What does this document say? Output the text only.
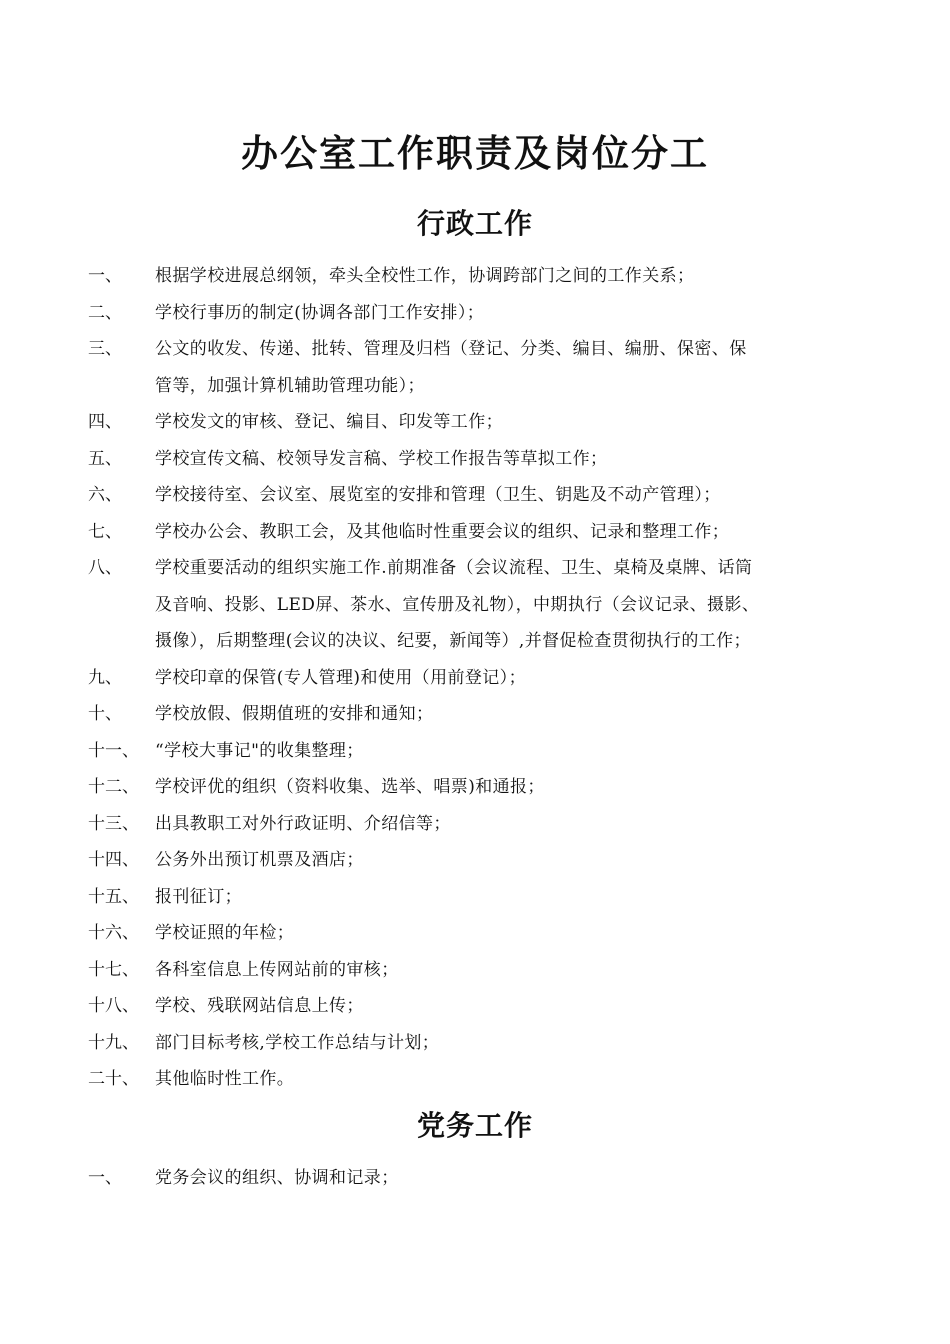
办公室工作职责及岗位分工
行政工作
一、 根据学校进展总纲领，牵头全校性工作，协调跨部门之间的工作关系；
二、 学校行事历的制定(协调各部门工作安排）；
三、 公文的收发、传递、批转、管理及归档（登记、分类、编目、编册、保密、保
管等，加强计算机辅助管理功能）；
四、 学校发文的审核、登记、编目、印发等工作；
五、 学校宣传文稿、校领导发言稿、学校工作报告等草拟工作；
六、 学校接待室、会议室、展览室的安排和管理（卫生、钥匙及不动产管理）；
七、 学校办公会、教职工会，及其他临时性重要会议的组织、记录和整理工作；
八、 学校重要活动的组织实施工作.前期准备（会议流程、卫生、桌椅及桌牌、话筒
及音响、投影、LED屏、茶水、宣传册及礼物），中期执行（会议记录、摄影、
摄像），后期整理(会议的决议、纪要，新闻等）,并督促检查贯彻执行的工作；
九、 学校印章的保管(专人管理)和使用（用前登记）；
十、 学校放假、假期值班的安排和通知；
十一、 “学校大事记"的收集整理；
十二、 学校评优的组织（资料收集、选举、唱票)和通报；
十三、 出具教职工对外行政证明、介绍信等；
十四、 公务外出预订机票及酒店；
十五、 报刊征订；
十六、 学校证照的年检；
十七、 各科室信息上传网站前的审核；
十八、 学校、残联网站信息上传；
十九、 部门目标考核,学校工作总结与计划；
二十、 其他临时性工作。
党务工作
一、 党务会议的组织、协调和记录；
